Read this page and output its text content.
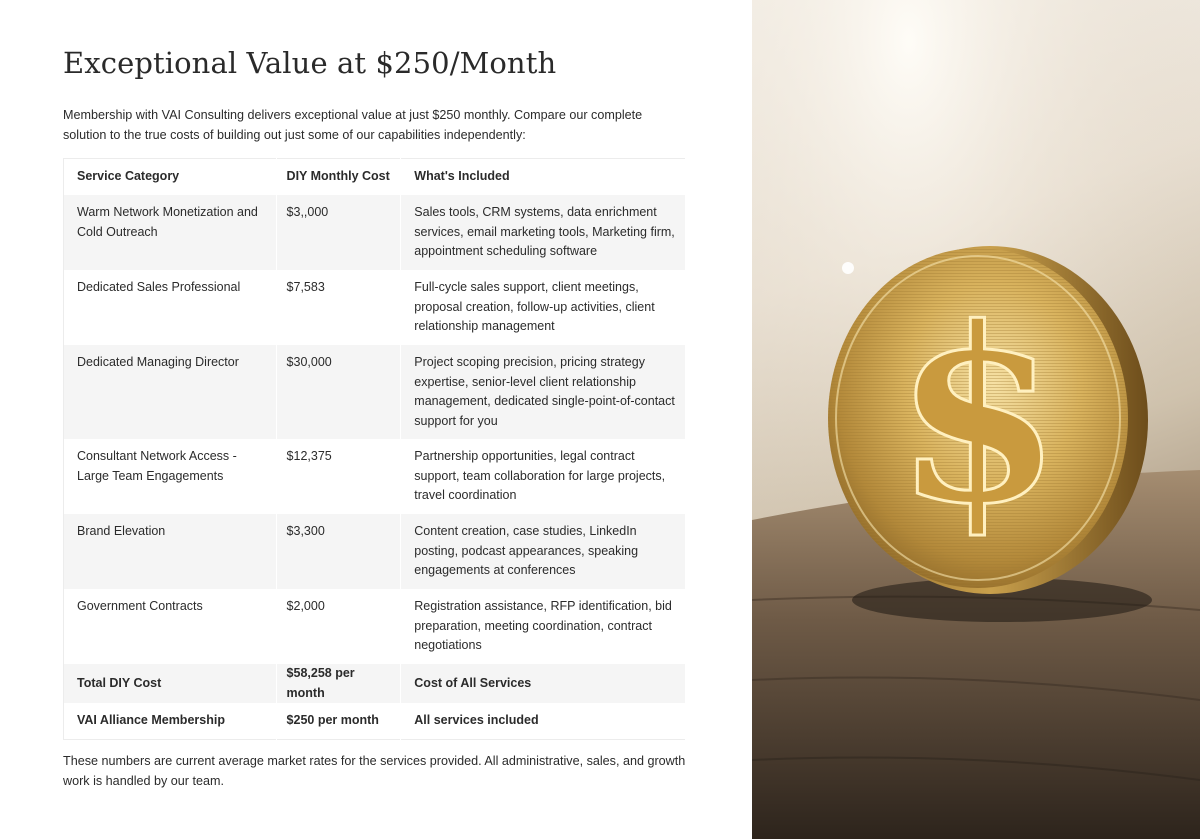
Exceptional Value at $250/Month

Membership with VAI Consulting delivers exceptional value at just $250 monthly. Compare our complete solution to the true costs of building out just some of our capabilities independently:

Service Category	DIY Monthly Cost	What's Included
Warm Network Monetization and Cold Outreach	$3,,000	Sales tools, CRM systems, data enrichment services, email marketing tools, Marketing firm, appointment scheduling software
Dedicated Sales Professional	$7,583	Full-cycle sales support, client meetings, proposal creation, follow-up activities, client relationship management
Dedicated Managing Director	$30,000	Project scoping precision, pricing strategy expertise, senior-level client relationship management, dedicated single-point-of-contact support for you
Consultant Network Access - Large Team Engagements	$12,375	Partnership opportunities, legal contract support, team collaboration for large projects, travel coordination
Brand Elevation	$3,300	Content creation, case studies, LinkedIn posting, podcast appearances, speaking engagements at conferences
Government Contracts	$2,000	Registration assistance, RFP identification, bid preparation, meeting coordination, contract negotiations
Total DIY Cost	$58,258 per month	Cost of All Services
VAI Alliance Membership	$250 per month	All services included

These numbers are current average market rates for the services provided. All administrative, sales, and growth work is handled by our team.

$
